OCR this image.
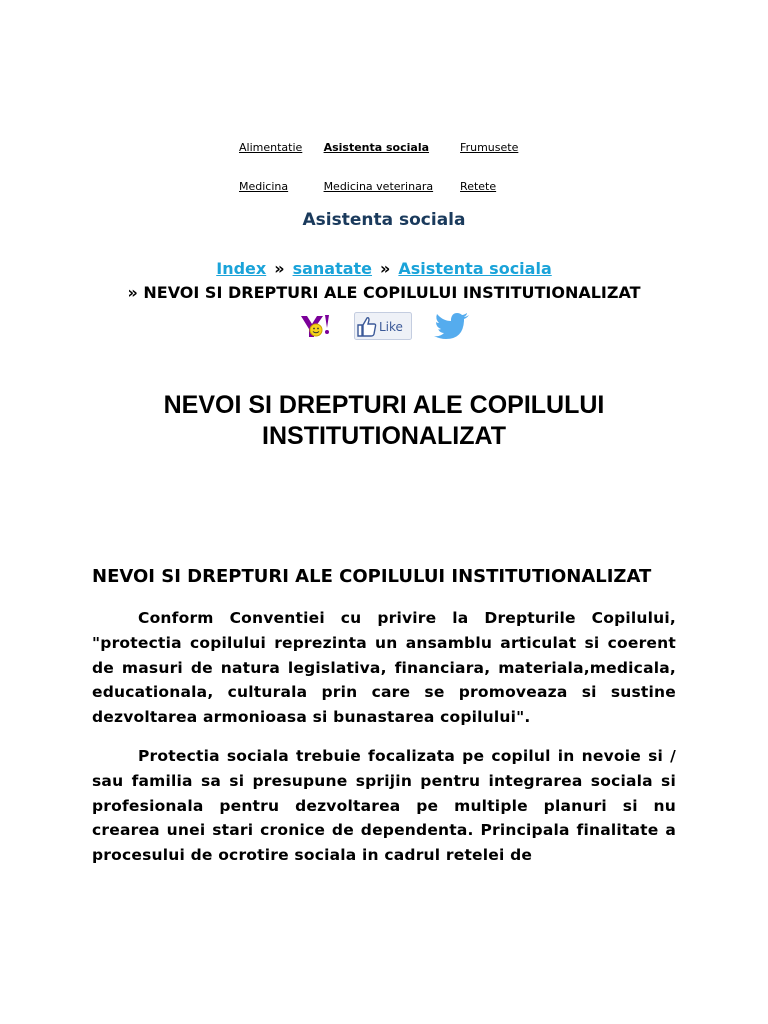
Alimentatie	Asistenta sociala	Frumusete
Medicina	Medicina veterinara	Retete
Asistenta sociala
Index » sanatate » Asistenta sociala
» NEVOI SI DREPTURI ALE COPILULUI INSTITUTIONALIZAT
Like
NEVOI SI DREPTURI ALE COPILULUI INSTITUTIONALIZAT
NEVOI SI DREPTURI ALE COPILULUI INSTITUTIONALIZAT

Conform Conventiei cu privire la Drepturile Copilului, "protectia copilului reprezinta un ansamblu articulat si coerent de masuri de natura legislativa, financiara, materiala,medicala, educationala, culturala prin care se promoveaza si sustine dezvoltarea armonioasa si bunastarea copilului".

Protectia sociala trebuie focalizata pe copilul in nevoie si / sau familia sa si presupune sprijin pentru integrarea sociala si profesionala pentru dezvoltarea pe multiple planuri si nu crearea unei stari cronice de dependenta. Principala finalitate a procesului de ocrotire sociala in cadrul retelei de
